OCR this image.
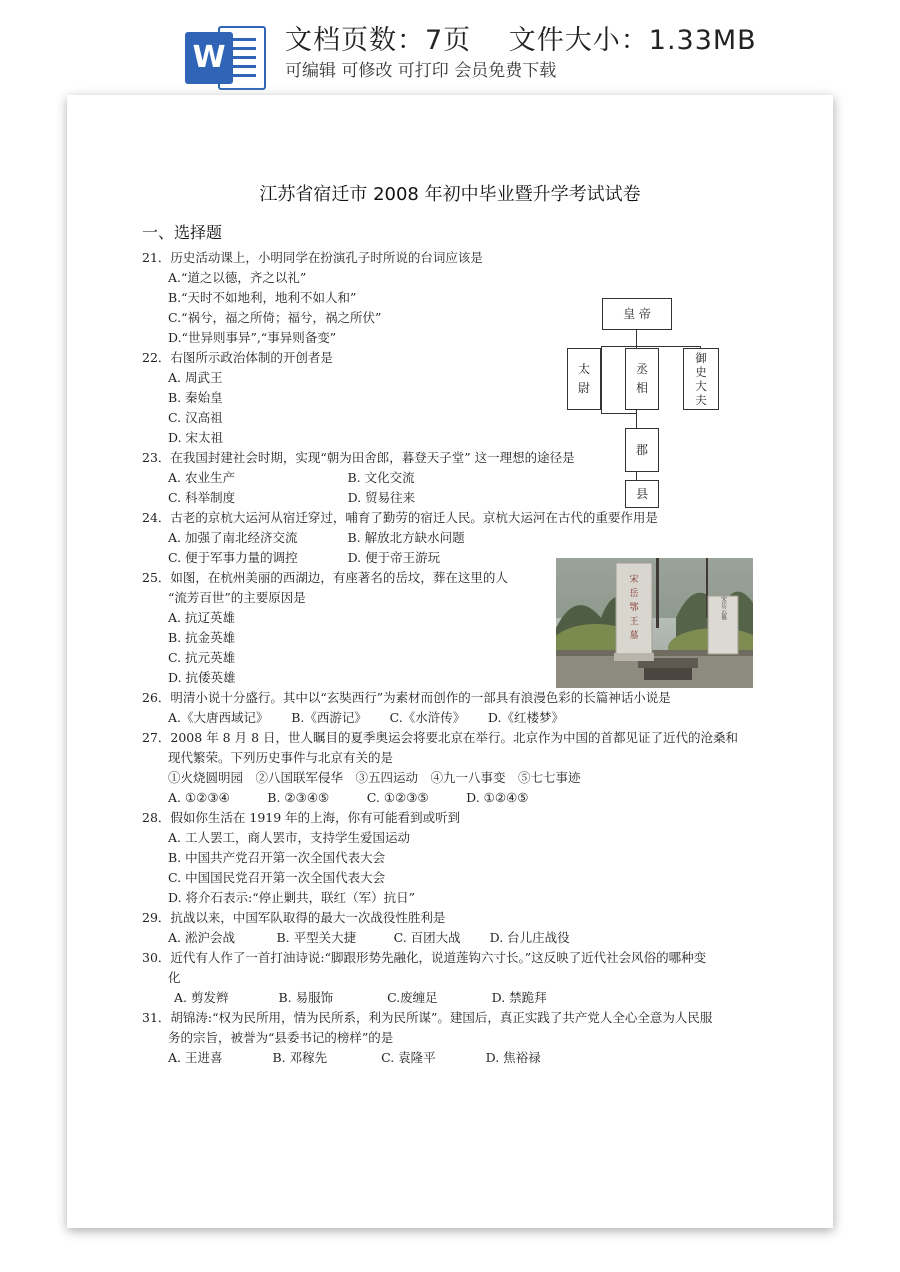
W 文档页数：7页　 文件大小：1.33MB
可编辑 可修改 可打印 会员免费下载
江苏省宿迁市 2008 年初中毕业暨升学考试试卷
一、选择题
21．历史活动课上，小明同学在扮演孔子时所说的台词应该是
A.“道之以德，齐之以礼”
B.“天时不如地利，地利不如人和”
C.“祸兮，福之所倚；福兮，祸之所伏”
D.“世异则事异”,“事异则备变”
22．右图所示政治体制的开创者是
A. 周武王
B. 秦始皇
C. 汉高祖
D. 宋太祖
23．在我国封建社会时期，实现“朝为田舍郎，暮登天子堂” 这一理想的途径是
A. 农业生产　　　　　　　　　B. 文化交流
C. 科举制度　　　　　　　　　D. 贸易往来
24．古老的京杭大运河从宿迁穿过，哺育了勤劳的宿迁人民。京杭大运河在古代的重要作用是
A. 加强了南北经济交流　　　　B. 解放北方缺水问题
C. 便于军事力量的调控　　　　D. 便于帝王游玩
25．如图，在杭州美丽的西湖边，有座著名的岳坟，葬在这里的人
“流芳百世”的主要原因是
A. 抗辽英雄
B. 抗金英雄
C. 抗元英雄
D. 抗倭英雄
26．明清小说十分盛行。其中以“玄奘西行”为素材而创作的一部具有浪漫色彩的长篇神话小说是
A.《大唐西域记》　　 B.《西游记》　　 C.《水浒传》　　 D.《红楼梦》
27．2008 年 8 月 8 日，世人瞩目的夏季奥运会将要北京在举行。北京作为中国的首都见证了近代的沧桑和
现代繁荣。下列历史事件与北京有关的是
①火烧圆明园　②八国联军侵华　③五四运动　④九一八事变　⑤七七事迹
A. ①②③④　　　B. ②③④⑤　　　C. ①②③⑤　　　D. ①②④⑤
28．假如你生活在 1919 年的上海，你有可能看到或听到
A. 工人罢工，商人罢市，支持学生爱国运动
B. 中国共产党召开第一次全国代表大会
C. 中国国民党召开第一次全国代表大会
D. 将介石表示:“停止剿共，联红（军）抗日”
29．抗战以来，中国军队取得的最大一次战役性胜利是
A. 淞沪会战　　　 B. 平型关大捷　　　C. 百团大战　　 D. 台儿庄战役
30．近代有人作了一首打油诗说:“脚跟形势先融化，说道莲钩六寸长。”这反映了近代社会风俗的哪种变
化
A. 剪发辫　　　　B. 易服饰　　　　 C.废缠足　　　　 D. 禁跪拜
31．胡锦涛:“权为民所用，情为民所系，利为民所谋”。建国后，真正实践了共产党人全心全意为人民服
务的宗旨，被誉为“县委书记的榜样”的是
A. 王进喜　　　　B. 邓稼先　　　　 C. 袁隆平　　　　D. 焦裕禄
皇 帝
太
尉
丞
相
御
史
大
夫
郡
县
宋岳云墓
宋
岳
鄂
王
墓
